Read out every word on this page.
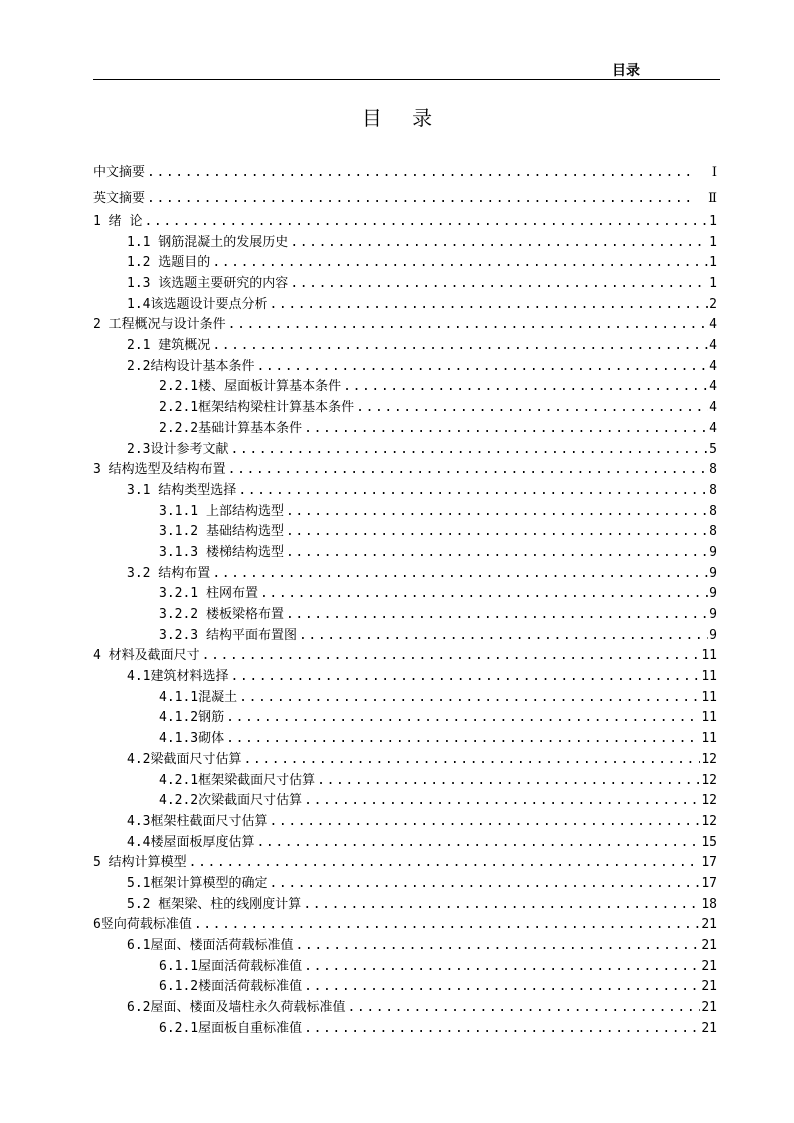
目录
目 录
中文摘要 .....	Ⅰ
英文摘要 .....	Ⅱ
1 绪 论 .....	1
1.1 钢筋混凝土的发展历史 .....	1
1.2 选题目的 .....	1
1.3 该选题主要研究的内容 .....	1
1.4该选题设计要点分析 .....	2
2 工程概况与设计条件 .....	4
2.1 建筑概况 .....	4
2.2结构设计基本条件 .....	4
2.2.1楼、屋面板计算基本条件 .....	4
2.2.1框架结构梁柱计算基本条件 .....	4
2.2.2基础计算基本条件 .....	4
2.3设计参考文献 .....	5
3 结构选型及结构布置 .....	8
3.1 结构类型选择 .....	8
3.1.1 上部结构选型 .....	8
3.1.2 基础结构选型 .....	8
3.1.3 楼梯结构选型 .....	9
3.2 结构布置 .....	9
3.2.1 柱网布置 .....	9
3.2.2 楼板梁格布置 .....	9
3.2.3 结构平面布置图 .....	9
4 材料及截面尺寸 .....	11
4.1建筑材料选择 .....	11
4.1.1混凝土 .....	11
4.1.2钢筋 .....	11
4.1.3砌体 .....	11
4.2梁截面尺寸估算 .....	12
4.2.1框架梁截面尺寸估算 .....	12
4.2.2次梁截面尺寸估算 .....	12
4.3框架柱截面尺寸估算 .....	12
4.4楼屋面板厚度估算 .....	15
5 结构计算模型 .....	17
5.1框架计算模型的确定 .....	17
5.2 框架梁、柱的线刚度计算 .....	18
6竖向荷载标准值 .....	21
6.1屋面、楼面活荷载标准值 .....	21
6.1.1屋面活荷载标准值 .....	21
6.1.2楼面活荷载标准值 .....	21
6.2屋面、楼面及墙柱永久荷载标准值 .....	21
6.2.1屋面板自重标准值 .....	21
